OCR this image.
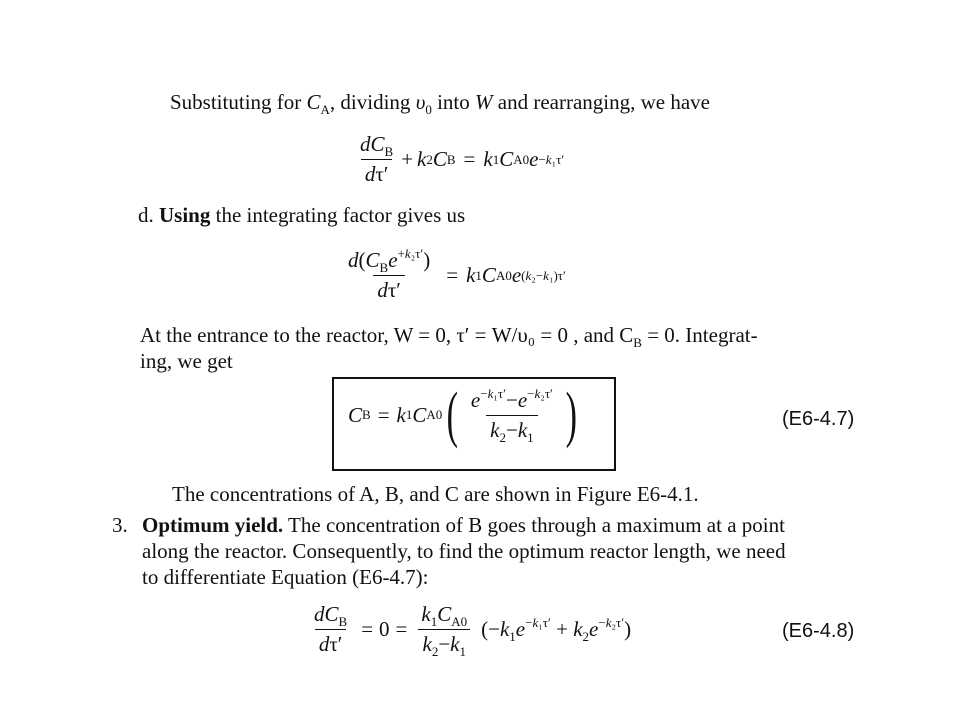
Substituting for $C_A$, dividing $\upsilon_0$ into W and rearranging, we have
$\frac{dC_B}{d\tau'} + k$ 2 C B = k 1 C A0 e −k₁τ′
d. Using the integrating factor gives us
$\frac{d(C_Be^{+k_2\tau'})}{d\tau'} = k$ 1 C A0 e (k₂−k₁)τ′
At the entrance to the reactor, W = 0, τ′ = W/υ₀ = 0 , and $C_B = 0$. Integrat-
ing, we get
C B = k 1 C A0 ( $\frac{e^{-k_1\tau'}-e^{-k_2\tau'}}{k_2-k_1}$ )	(E6-4.7)
The concentrations of A, B, and C are shown in Figure E6-4.1.
3. Optimum yield. The concentration of B goes through a maximum at a point
along the reactor. Consequently, to find the optimum reactor length, we need
to differentiate Equation (E6-4.7):
$\frac{dC_B}{d\tau'} = 0 = \frac{k_1C_{A0}}{k_2-k_1} (-k_1e^{-k_1\tau'} + k_2e^{-k_2\tau'})$	(E6-4.8)
